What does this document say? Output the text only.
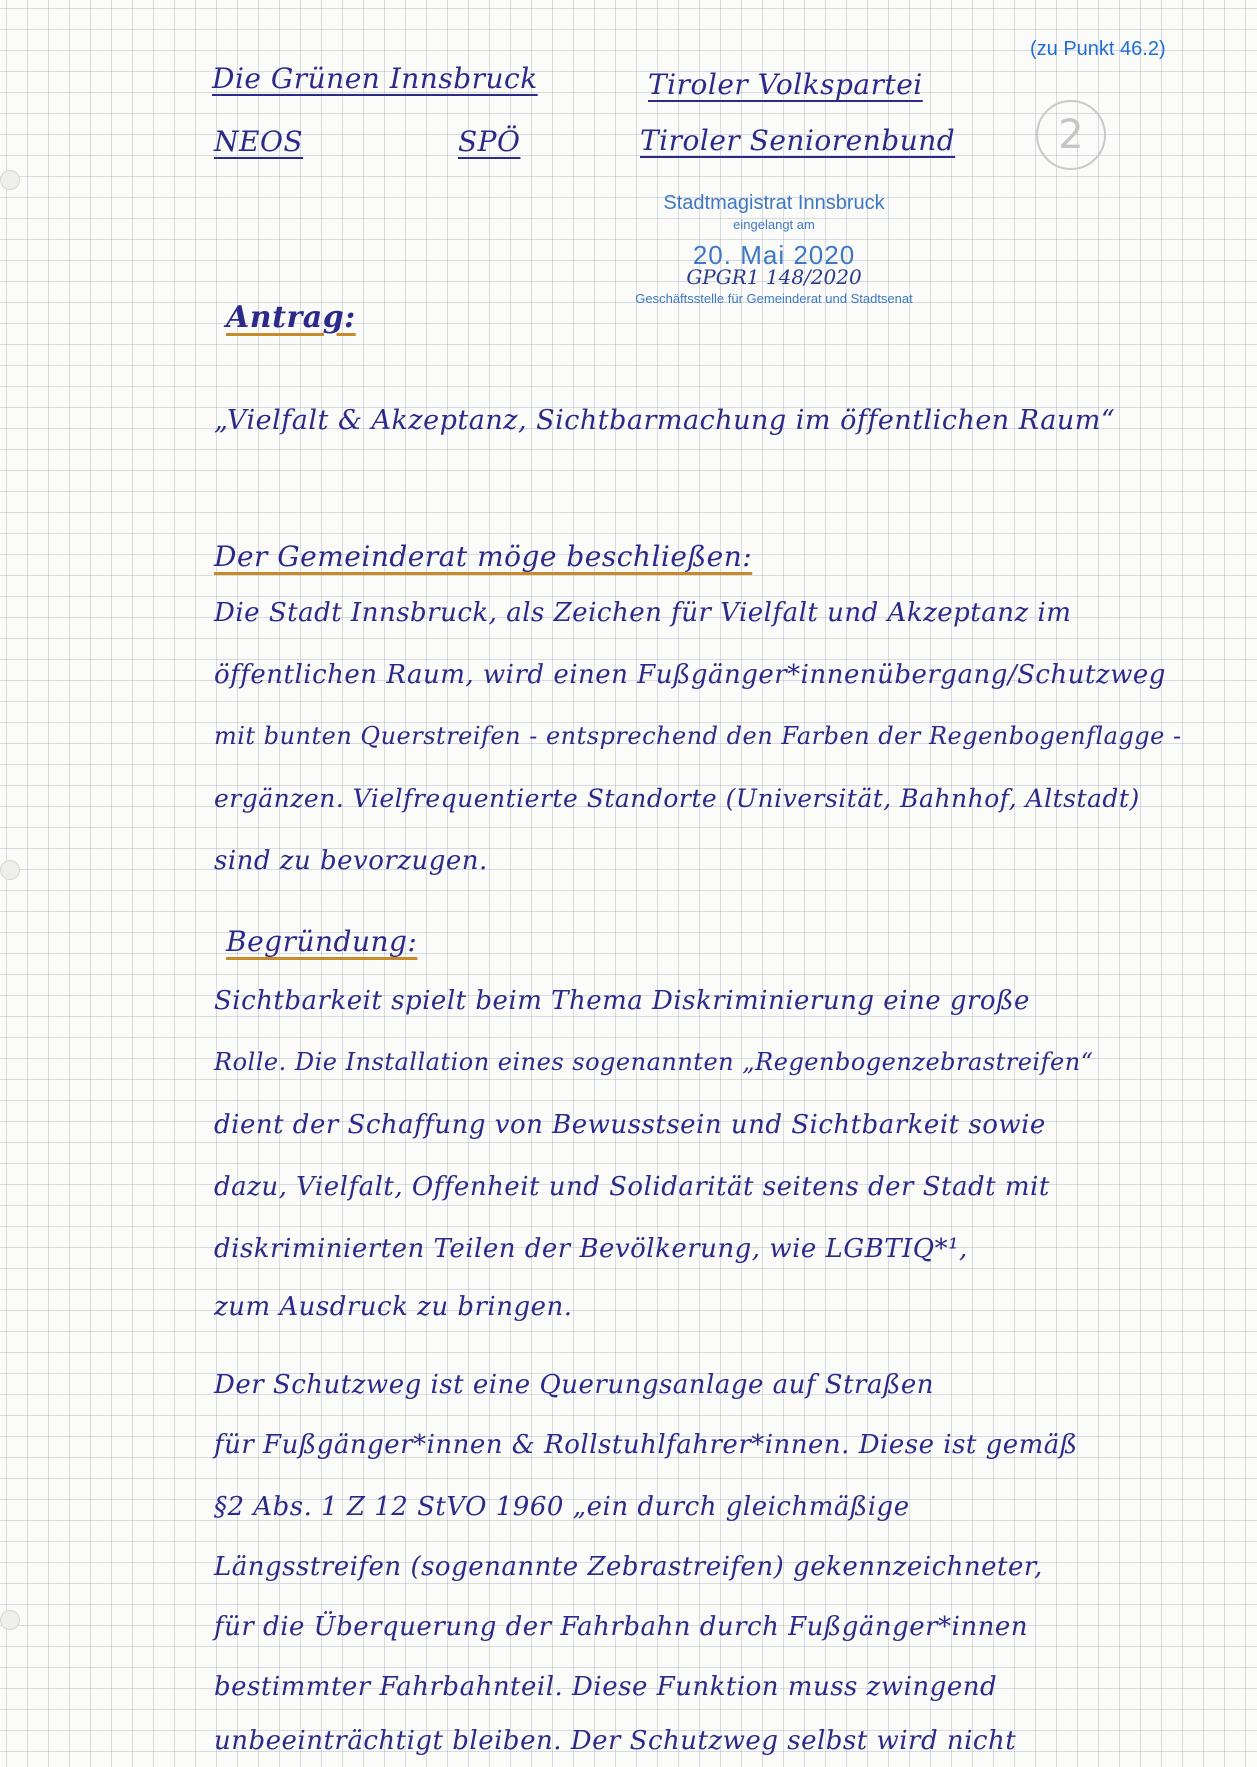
(zu Punkt 46.2)
2
Die Grünen Innsbruck
NEOS	SPÖ
Tiroler Volkspartei
Tiroler Seniorenbund
Stadtmagistrat Innsbruck
eingelangt am
20. Mai 2020
GPGR1 148/2020
Geschäftsstelle für Gemeinderat und Stadtsenat
Antrag:
„Vielfalt & Akzeptanz, Sichtbarmachung im öffentlichen Raum“
Der Gemeinderat möge beschließen:
Die Stadt Innsbruck, als Zeichen für Vielfalt und Akzeptanz im
öffentlichen Raum, wird einen Fußgänger*innenübergang/Schutzweg
mit bunten Querstreifen - entsprechend den Farben der Regenbogenflagge -
ergänzen. Vielfrequentierte Standorte (Universität, Bahnhof, Altstadt)
sind zu bevorzugen.
Begründung:
Sichtbarkeit spielt beim Thema Diskriminierung eine große
Rolle. Die Installation eines sogenannten „Regenbogenzebrastreifen“
dient der Schaffung von Bewusstsein und Sichtbarkeit sowie
dazu, Vielfalt, Offenheit und Solidarität seitens der Stadt mit
diskriminierten Teilen der Bevölkerung, wie LGBTIQ*¹,
zum Ausdruck zu bringen.
Der Schutzweg ist eine Querungsanlage auf Straßen
für Fußgänger*innen & Rollstuhlfahrer*innen. Diese ist gemäß
§2 Abs. 1 Z 12 StVO 1960 „ein durch gleichmäßige
Längsstreifen (sogenannte Zebrastreifen) gekennzeichneter,
für die Überquerung der Fahrbahn durch Fußgänger*innen
bestimmter Fahrbahnteil. Diese Funktion muss zwingend
unbeeinträchtigt bleiben. Der Schutzweg selbst wird nicht
